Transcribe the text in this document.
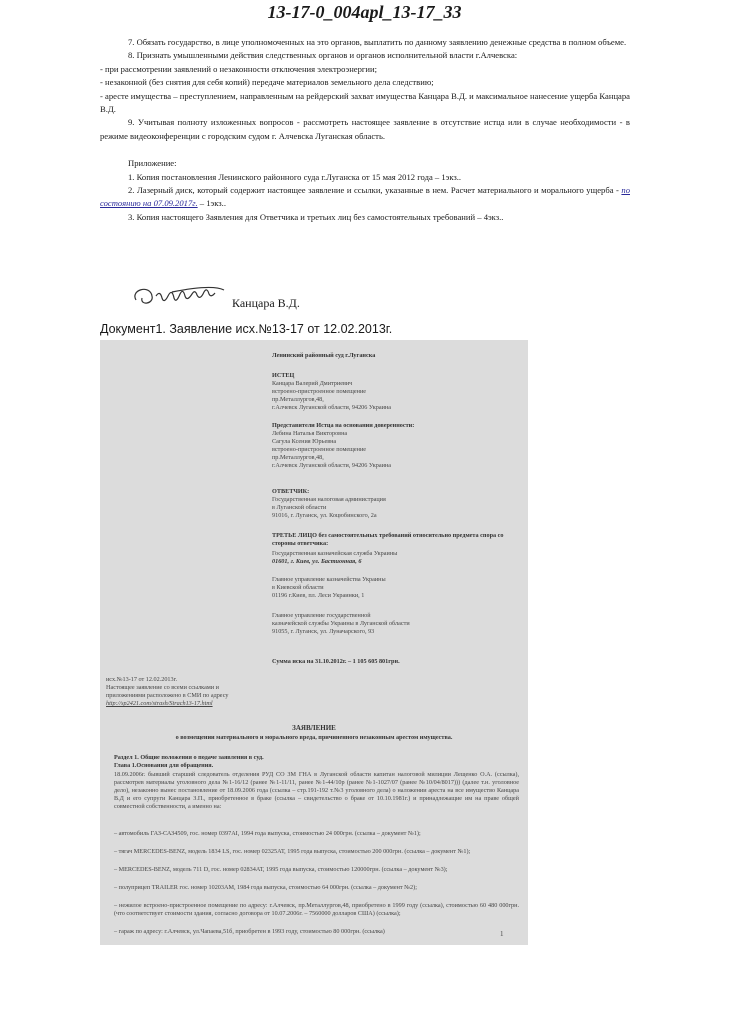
13-17-0_004apl_13-17_33

7. Обязать государство, в лице уполномоченных на это органов, выплатить по данному заявлению денежные средства в полном объеме.

8. Признать умышленными действия следственных органов и органов исполнительной власти г.Алчевска:

- при рассмотрении заявлений о незаконности отключения электроэнергии;

- незаконной (без снятия для себя копий) передаче материалов земельного дела следствию;

- аресте имущества – преступлением, направленным на рейдерский захват имущества Канцара В.Д. и максимальное нанесение ущерба Канцара В.Д.

9. Учитывая полноту изложенных вопросов - рассмотреть настоящее заявление в отсутствие истца или в случае необходимости - в режиме видеоконференции с городским судом г. Алчевска Луганская область.

Приложение:

1. Копия постановления Ленинского районного суда г.Луганска от 15 мая 2012 года – 1экз..

2. Лазерный диск, который содержит настоящее заявление и ссылки, указанные в нем. Расчет материального и морального ущерба - по состоянию на 07.09.2017г. – 1экз..

3. Копия настоящего Заявления для Ответчика и третьих лиц без самостоятельных требований – 4экз..

Канцара В.Д.
Документ1. Заявление исх.№13-17 от 12.02.2013г.
Ленинский районный суд г.Луганска
ИСТЕЦ
Канцара Валерий Дмитриевич
встроено-пристроенное помещение
пр.Металлургов,48,
г.Алчевск Луганской области, 94206 Украина
Представители Истца на основании доверенности:
Лебина Наталья Викторовна
Сагула Ксения Юрьевна
встроено-пристроенное помещение
пр.Металлургов,48,
г.Алчевск Луганской области, 94206 Украина
ОТВЕТЧИК:
Государственная налоговая администрация
в Луганской области
91016, г. Луганск, ул. Коцюбинского, 2а
ТРЕТЬЕ ЛИЦО без самостоятельных требований относительно предмета спора со стороны ответчика:
Государственная казначейская служба Украины
01601, г. Киев, ул. Бастионная, 6
Главное управление казначейства Украины
в Киевской области
01196 г.Киев, пл. Леси Украинки, 1
Главное управление государственной
казначейской службы Украины в Луганской области
91055, г. Луганск, ул. Луначарского, 93
Сумма иска на 31.10.2012г. – 1 105 605 801грн.
исх.№13-17 от 12.02.2013г.
Настоящее заявление со всеми ссылками и
приложениями расположено в СМИ по адресу
http://sp2421.com/strash/Strach13-17.html
ЗАЯВЛЕНИЕ
о возмещении материального и морального вреда, причиненного незаконным арестом имущества.
Раздел 1. Общие положения о подаче заявления в суд.
Глава 1.Основания для обращения.
18.09.2006г. бывший старший следователь отделения РУД СО ЗМ ГНА в Луганской области капитан налоговой милиции Лещенко О.А. (ссылка), рассмотрев материалы уголовного дела №1-16/12 (ранее №1-11/11, ранее №1-44/10р (ранее №1-1027/07 (ранее №10/04/8017))) (далее т.н. уголовное дело), незаконно вынес постановление от 18.09.2006 года (ссылка – стр.191-192 т.№3 уголовного дела) о наложении ареста на все имущество Канцара В.Д и его супруги Канцара З.П., приобретенное в браке (ссылка – свидетельство о браке от 10.10.1981г.) и принадлежащие им на праве общей совместной собственности, а именно на:
– автомобиль ГАЗ-САЗ4509, гос. номер 0397АI, 1994 года выпуска, стоимостью 24 000грн. (ссылка – документ №1);
– тягач MERCEDES-BENZ, модель 1834 LS, гос. номер 02325АТ, 1995 года выпуска, стоимостью 200 000грн. (ссылка – документ №1);
– MERCEDES-BENZ, модель 711 D, гос. номер 02834АТ, 1995 года выпуска, стоимостью 120000грн. (ссылка – документ №3);
– полуприцеп TRAILER гос. номер 10203АМ, 1984 года выпуска, стоимостью 64 000грн. (ссылка – документ №2);
– нежилое встроено-пристроенное помещение по адресу: г.Алчевск, пр.Металлургов,48, приобретено в 1999 году (ссылка), стоимостью 60 480 000грн. (что соответствует стоимости здания, согласно договора от 10.07.2006г. – 7560000 долларов США) (ссылка);
– гараж по адресу: г.Алчевск, ул.Чапаева,51б, приобретен в 1993 году, стоимостью 80 000грн. (ссылка)	1
